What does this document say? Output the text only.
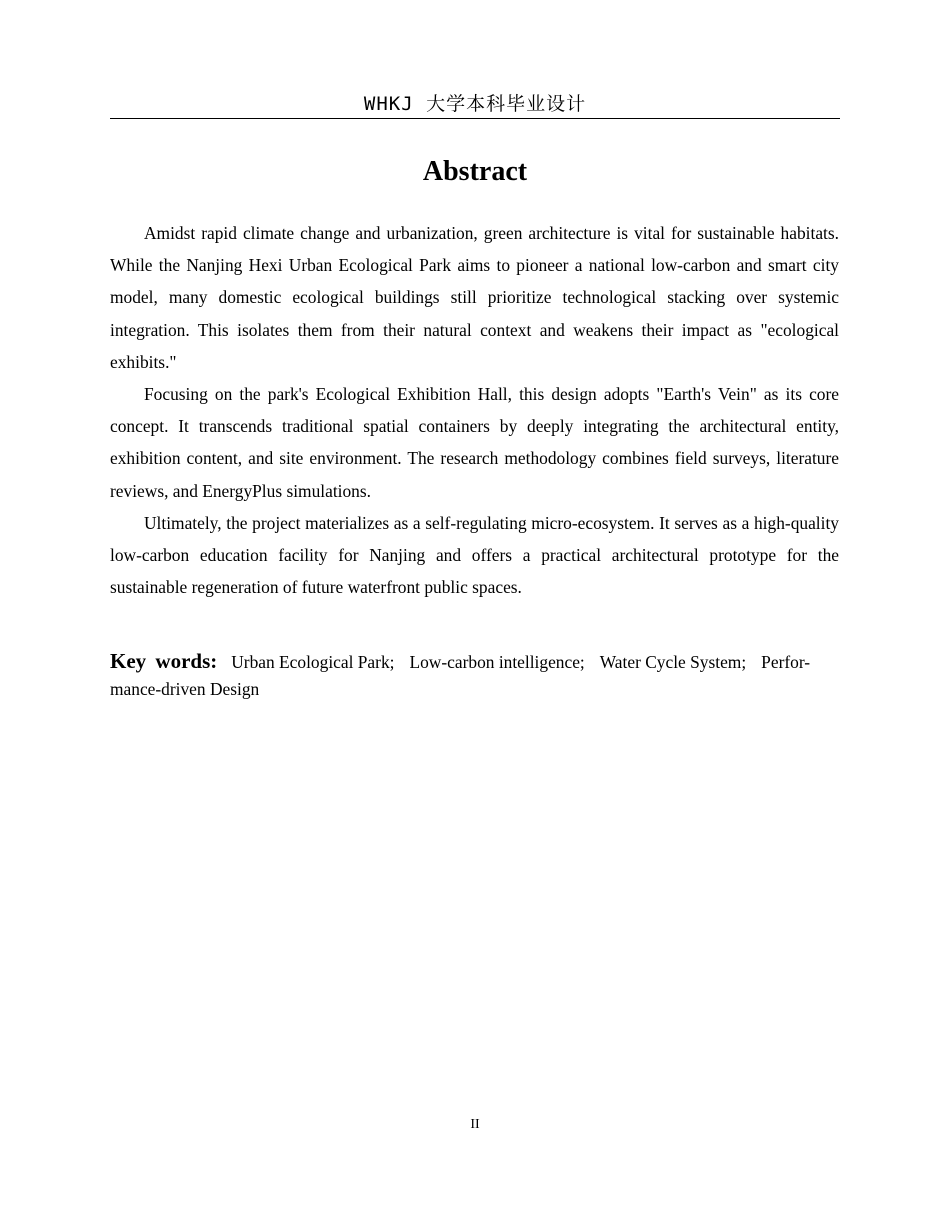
WHKJ 大学本科毕业设计
Abstract

Amidst rapid climate change and urbanization, green architecture is vital for sustainable habitats. While the Nanjing Hexi Urban Ecological Park aims to pioneer a national low-carbon and smart city model, many domestic ecological buildings still prioritize technological stacking over systemic integration. This isolates them from their natural context and weakens their impact as "ecological exhibits."

Focusing on the park's Ecological Exhibition Hall, this design adopts "Earth's Vein" as its core concept. It transcends traditional spatial containers by deeply integrating the architectural entity, exhibition content, and site environment. The research methodology combines field surveys, literature reviews, and EnergyPlus simulations.

Ultimately, the project materializes as a self-regulating micro-ecosystem. It serves as a high-quality low-carbon education facility for Nanjing and offers a practical architectural prototype for the sustainable regeneration of future waterfront public spaces.

Key words: Urban Ecological Park; Low-carbon intelligence; Water Cycle System; Perfor-mance-driven Design
II
